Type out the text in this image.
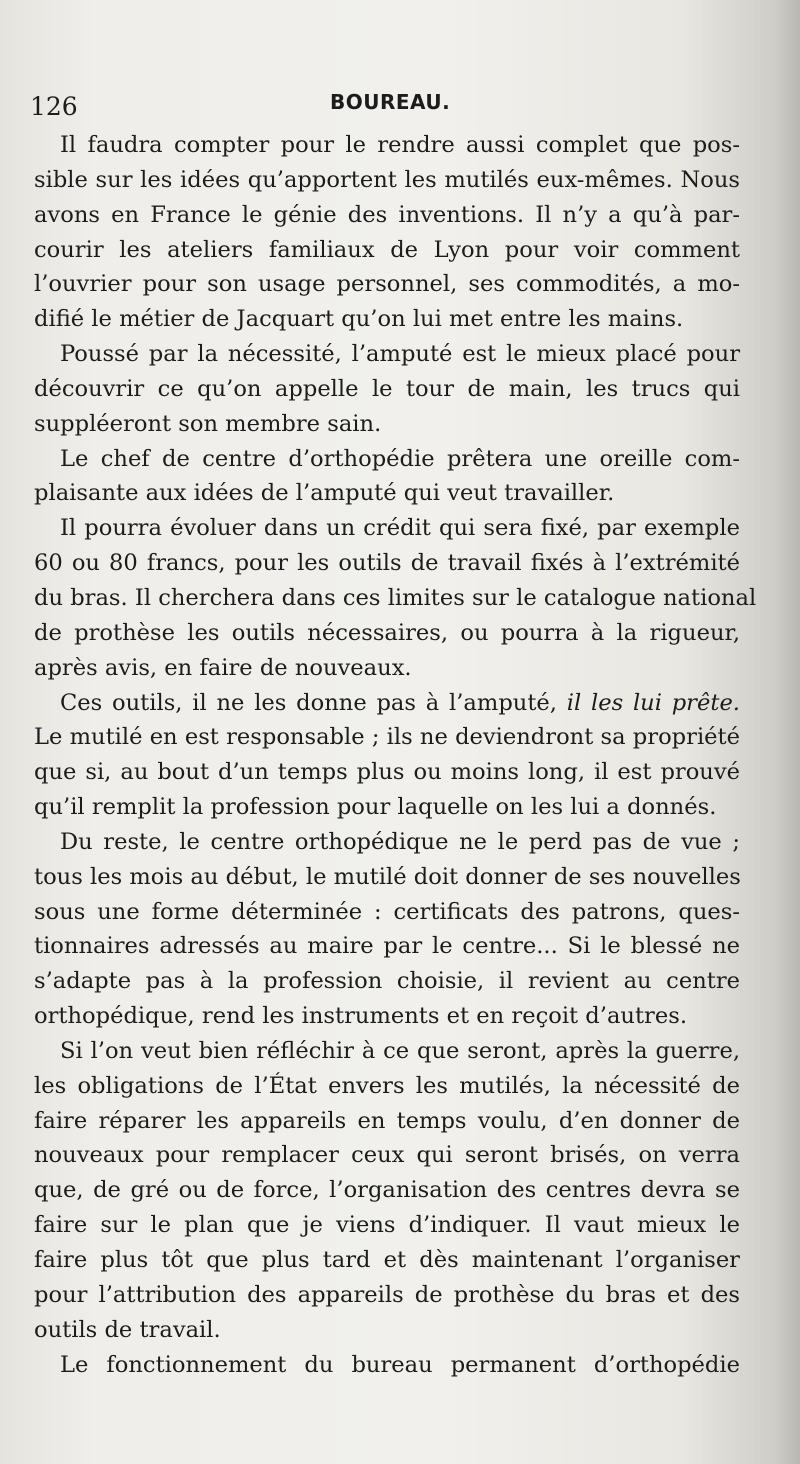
126	BOUREAU.
Il faudra compter pour le rendre aussi complet que pos-
sible sur les idées qu’apportent les mutilés eux-mêmes. Nous
avons en France le génie des inventions. Il n’y a qu’à par-
courir les ateliers familiaux de Lyon pour voir comment
l’ouvrier pour son usage personnel, ses commodités, a mo-
difié le métier de Jacquart qu’on lui met entre les mains.
Poussé par la nécessité, l’amputé est le mieux placé pour
découvrir ce qu’on appelle le tour de main, les trucs qui
suppléeront son membre sain.
Le chef de centre d’orthopédie prêtera une oreille com-
plaisante aux idées de l’amputé qui veut travailler.
Il pourra évoluer dans un crédit qui sera fixé, par exemple
60 ou 80 francs, pour les outils de travail fixés à l’extrémité
du bras. Il cherchera dans ces limites sur le catalogue national
de prothèse les outils nécessaires, ou pourra à la rigueur,
après avis, en faire de nouveaux.
Ces outils, il ne les donne pas à l’amputé, il les lui prête.
Le mutilé en est responsable ; ils ne deviendront sa propriété
que si, au bout d’un temps plus ou moins long, il est prouvé
qu’il remplit la profession pour laquelle on les lui a donnés.
Du reste, le centre orthopédique ne le perd pas de vue ;
tous les mois au début, le mutilé doit donner de ses nouvelles
sous une forme déterminée : certificats des patrons, ques-
tionnaires adressés au maire par le centre... Si le blessé ne
s’adapte pas à la profession choisie, il revient au centre
orthopédique, rend les instruments et en reçoit d’autres.
Si l’on veut bien réfléchir à ce que seront, après la guerre,
les obligations de l’État envers les mutilés, la nécessité de
faire réparer les appareils en temps voulu, d’en donner de
nouveaux pour remplacer ceux qui seront brisés, on verra
que, de gré ou de force, l’organisation des centres devra se
faire sur le plan que je viens d’indiquer. Il vaut mieux le
faire plus tôt que plus tard et dès maintenant l’organiser
pour l’attribution des appareils de prothèse du bras et des
outils de travail.
Le fonctionnement du bureau permanent d’orthopédie
